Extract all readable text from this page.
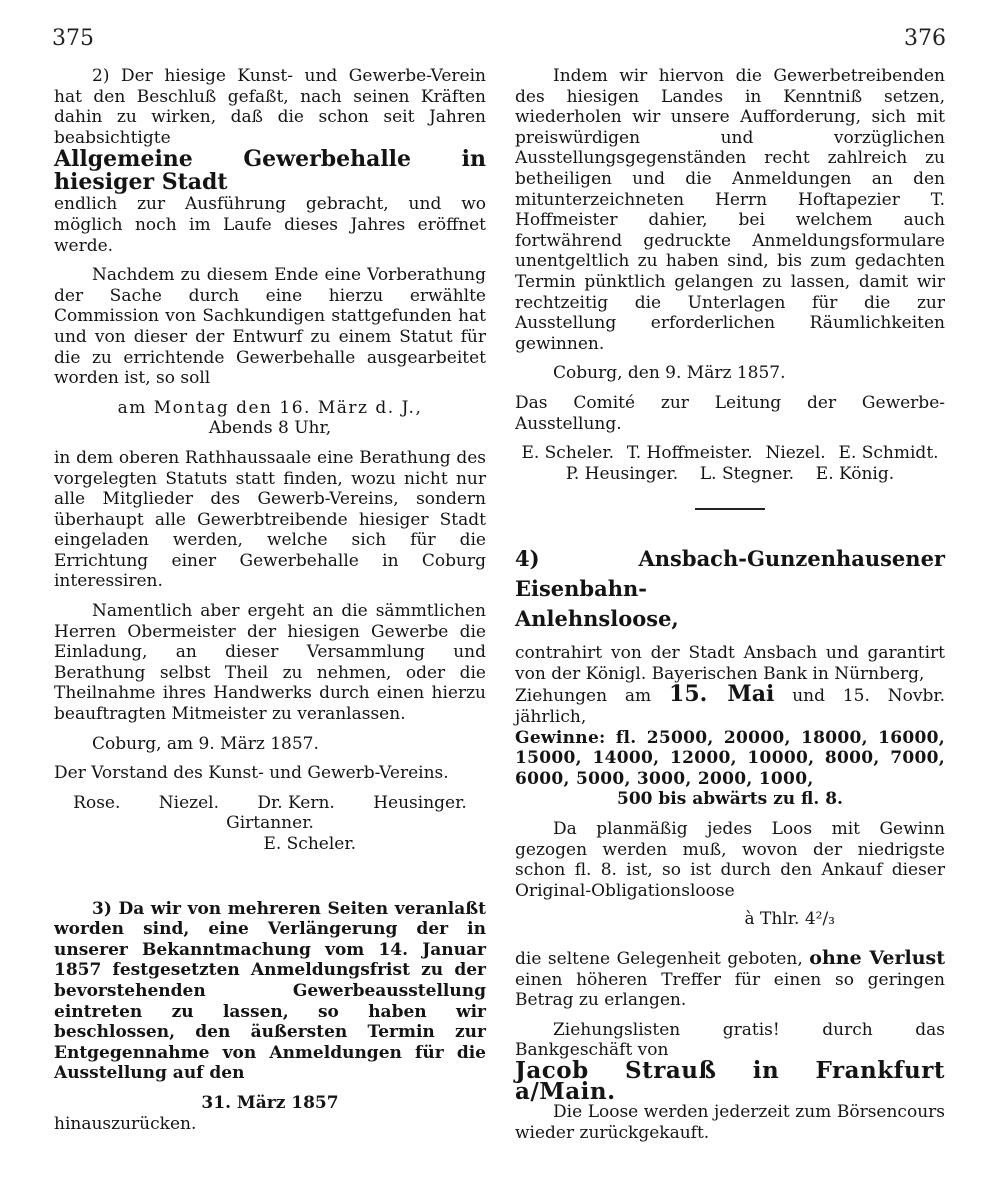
375	376

2) Der hiesige Kunst- und Gewerbe-Verein hat den Beschluß gefaßt, nach seinen Kräften dahin zu wirken, daß die schon seit Jahren beabsichtigte

Allgemeine Gewerbehalle in hiesiger Stadt

endlich zur Ausführung gebracht, und wo möglich noch im Laufe dieses Jahres eröffnet werde.

Nachdem zu diesem Ende eine Vorberathung der Sache durch eine hierzu erwählte Commission von Sachkundigen stattgefunden hat und von dieser der Entwurf zu einem Statut für die zu errichtende Gewerbehalle ausgearbeitet worden ist, so soll

am Montag den 16. März d. J.,

Abends 8 Uhr,

in dem oberen Rathhaussaale eine Berathung des vorgelegten Statuts statt finden, wozu nicht nur alle Mitglieder des Gewerb-Vereins, sondern überhaupt alle Gewerbtreibende hiesiger Stadt eingeladen werden, welche sich für die Errichtung einer Gewerbehalle in Coburg interessiren.

Namentlich aber ergeht an die sämmtlichen Herren Obermeister der hiesigen Gewerbe die Einladung, an dieser Versammlung und Berathung selbst Theil zu nehmen, oder die Theilnahme ihres Handwerks durch einen hierzu beauftragten Mitmeister zu veranlassen.

Coburg, am 9. März 1857.

Der Vorstand des Kunst- und Gewerb-Vereins.

Rose. Niezel. Dr. Kern. Heusinger.

Girtanner.

E. Scheler.

3) Da wir von mehreren Seiten veranlaßt worden sind, eine Verlängerung der in unserer Bekanntmachung vom 14. Januar 1857 festgesetzten Anmeldungsfrist zu der bevorstehenden Gewerbeausstellung eintreten zu lassen, so haben wir beschlossen, den äußersten Termin zur Entgegennahme von Anmeldungen für die Ausstellung auf den

31. März 1857

hinauszurücken.

Indem wir hiervon die Gewerbetreibenden des hiesigen Landes in Kenntniß setzen, wiederholen wir unsere Aufforderung, sich mit preiswürdigen und vorzüglichen Ausstellungsgegenständen recht zahlreich zu betheiligen und die Anmeldungen an den mitunterzeichneten Herrn Hoftapezier T. Hoffmeister dahier, bei welchem auch fortwährend gedruckte Anmeldungsformulare unentgeltlich zu haben sind, bis zum gedachten Termin pünktlich gelangen zu lassen, damit wir rechtzeitig die Unterlagen für die zur Ausstellung erforderlichen Räumlichkeiten gewinnen.

Coburg, den 9. März 1857.

Das Comité zur Leitung der Gewerbe-Ausstellung.

E. Scheler. T. Hoffmeister. Niezel. E. Schmidt.
P. Heusinger. L. Stegner. E. König.

4) Ansbach-Gunzenhausener Eisenbahn-

Anlehnsloose,

contrahirt von der Stadt Ansbach und garantirt von der Königl. Bayerischen Bank in Nürnberg,

Ziehungen am 15. Mai und 15. Novbr. jährlich,

Gewinne: fl. 25000, 20000, 18000, 16000, 15000, 14000, 12000, 10000, 8000, 7000, 6000, 5000, 3000, 2000, 1000,

500 bis abwärts zu fl. 8.

Da planmäßig jedes Loos mit Gewinn gezogen werden muß, wovon der niedrigste schon fl. 8. ist, so ist durch den Ankauf dieser Original-Obligationsloose

à Thlr. 4²/₃

die seltene Gelegenheit geboten, ohne Verlust einen höheren Treffer für einen so geringen Betrag zu erlangen.

Ziehungslisten gratis! durch das Bankgeschäft von

Jacob Strauß in Frankfurt a/Main.

Die Loose werden jederzeit zum Börsencours wieder zurückgekauft.
